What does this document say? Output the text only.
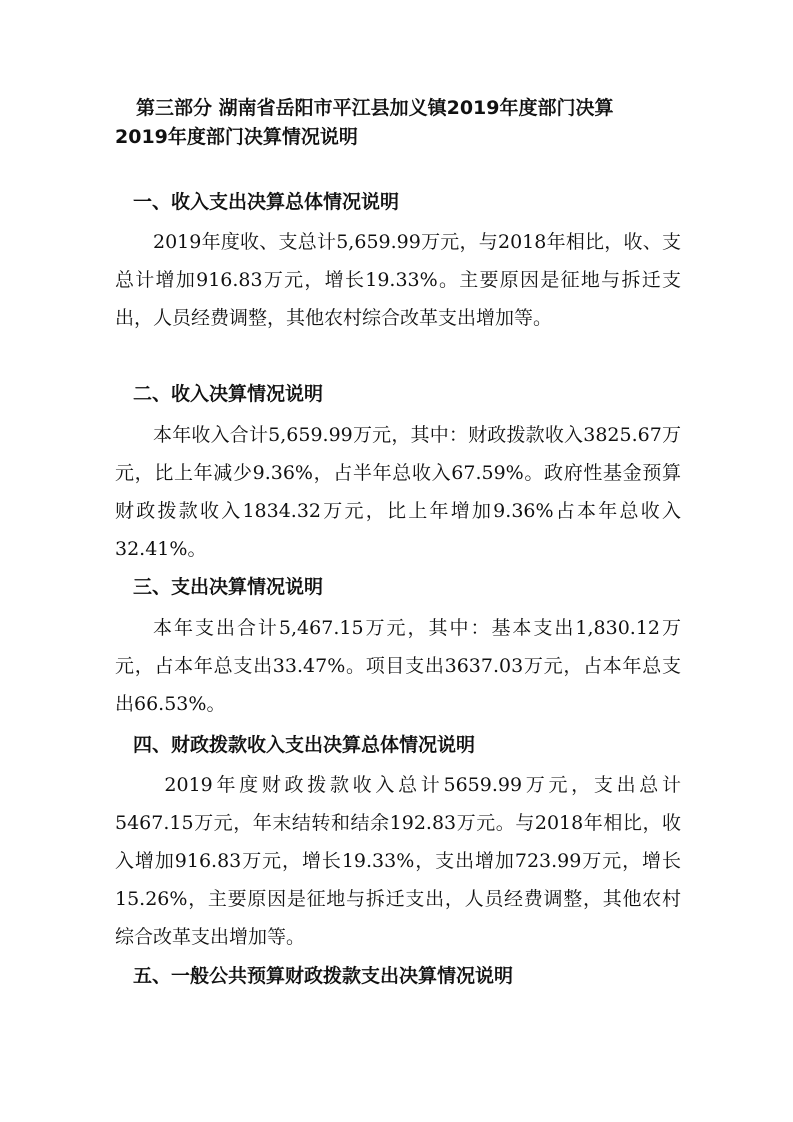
第三部分 湖南省岳阳市平江县加义镇2019年度部门决算
2019年度部门决算情况说明
一、收入支出决算总体情况说明

2019年度收、支总计5,659.99万元，与2018年相比，收、支总计增加916.83万元，增长19.33%。主要原因是征地与拆迁支出，人员经费调整，其他农村综合改革支出增加等。

二、收入决算情况说明

本年收入合计5,659.99万元，其中：财政拨款收入3825.67万元，比上年减少9.36%，占半年总收入67.59%。政府性基金预算财政拨款收入1834.32万元，比上年增加9.36%占本年总收入32.41%。

三、支出决算情况说明

本年支出合计5,467.15万元，其中：基本支出1,830.12万元，占本年总支出33.47%。项目支出3637.03万元，占本年总支出66.53%。

四、财政拨款收入支出决算总体情况说明

2019年度财政拨款收入总计5659.99万元，支出总计5467.15万元，年末结转和结余192.83万元。与2018年相比，收入增加916.83万元，增长19.33%，支出增加723.99万元，增长15.26%，主要原因是征地与拆迁支出，人员经费调整，其他农村综合改革支出增加等。

五、一般公共预算财政拨款支出决算情况说明
